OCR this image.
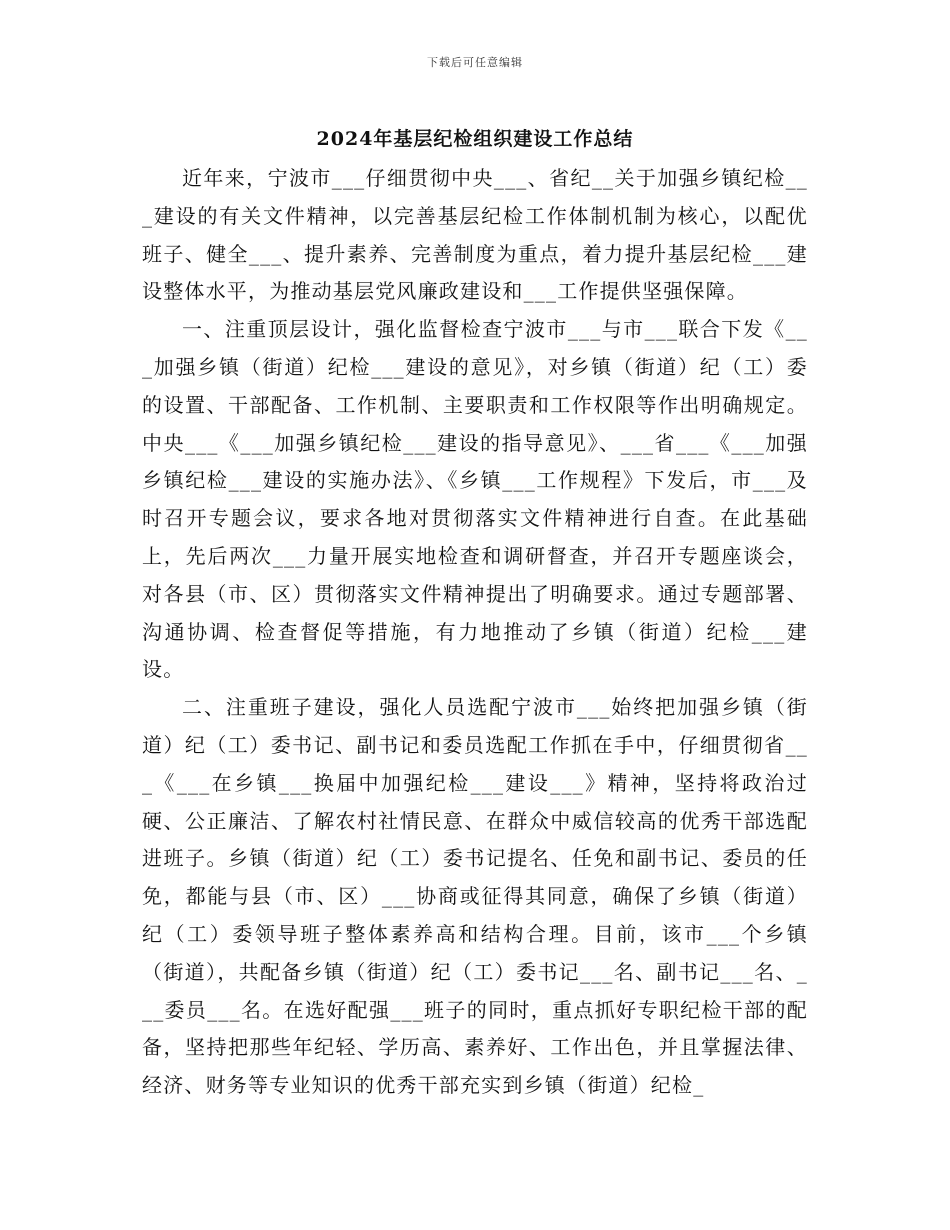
下载后可任意编辑
2024年基层纪检组织建设工作总结

近年来，宁波市___仔细贯彻中央___、省纪__关于加强乡镇纪检___建设的有关文件精神，以完善基层纪检工作体制机制为核心，以配优班子、健全___、提升素养、完善制度为重点，着力提升基层纪检___建设整体水平，为推动基层党风廉政建设和___工作提供坚强保障。

一、注重顶层设计，强化监督检查宁波市___与市___联合下发《___加强乡镇（街道）纪检___建设的意见》，对乡镇（街道）纪（工）委的设置、干部配备、工作机制、主要职责和工作权限等作出明确规定。中央___《___加强乡镇纪检___建设的指导意见》、___省___《___加强乡镇纪检___建设的实施办法》、《乡镇___工作规程》下发后，市___及时召开专题会议，要求各地对贯彻落实文件精神进行自查。在此基础上，先后两次___力量开展实地检查和调研督查，并召开专题座谈会，对各县（市、区）贯彻落实文件精神提出了明确要求。通过专题部署、沟通协调、检查督促等措施，有力地推动了乡镇（街道）纪检___建设。

二、注重班子建设，强化人员选配宁波市___始终把加强乡镇（街道）纪（工）委书记、副书记和委员选配工作抓在手中，仔细贯彻省___《___在乡镇___换届中加强纪检___建设___》精神，坚持将政治过硬、公正廉洁、了解农村社情民意、在群众中威信较高的优秀干部选配进班子。乡镇（街道）纪（工）委书记提名、任免和副书记、委员的任免，都能与县（市、区）___协商或征得其同意，确保了乡镇（街道）纪（工）委领导班子整体素养高和结构合理。目前，该市___个乡镇（街道），共配备乡镇（街道）纪（工）委书记___名、副书记___名、___委员___名。在选好配强___班子的同时，重点抓好专职纪检干部的配备，坚持把那些年纪轻、学历高、素养好、工作出色，并且掌握法律、经济、财务等专业知识的优秀干部充实到乡镇（街道）纪检_
